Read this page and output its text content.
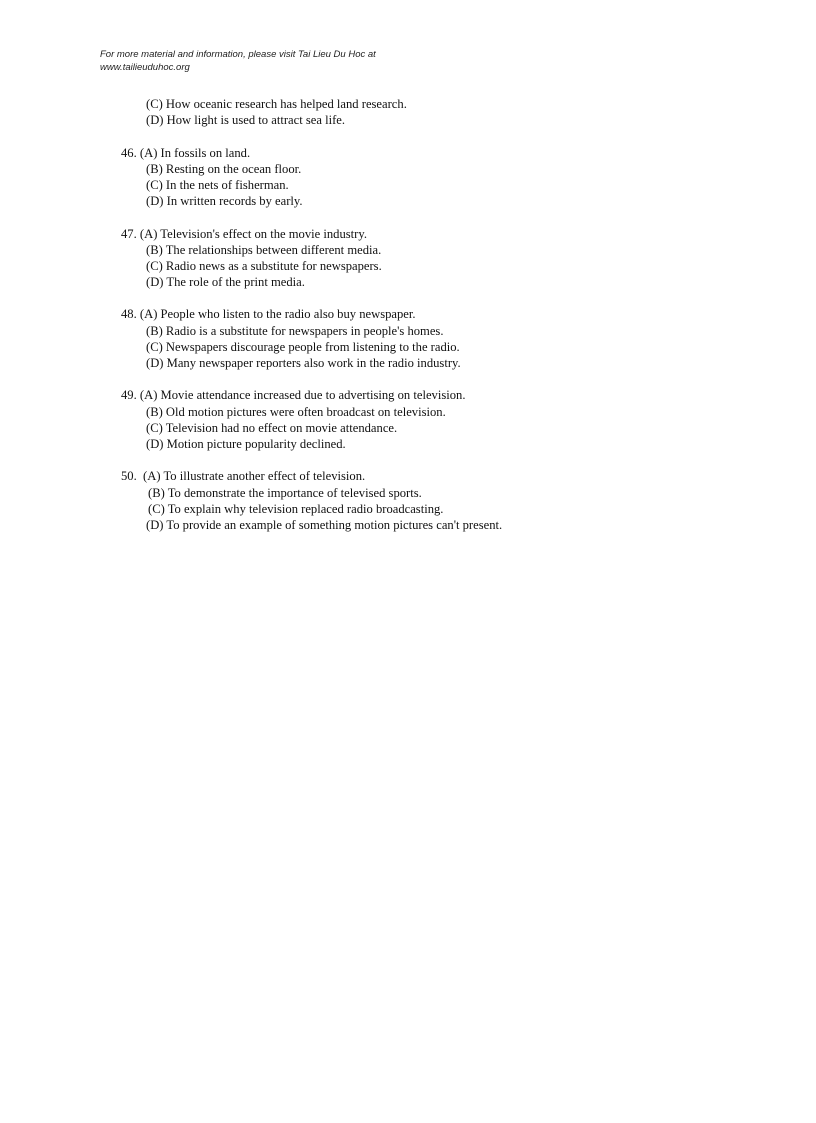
For more material and information, please visit Tai Lieu Du Hoc at
www.tailieuduhoc.org
(C) How oceanic research has helped land research.
(D) How light is used to attract sea life.
46. (A) In fossils on land.
(B) Resting on the ocean floor.
(C) In the nets of fisherman.
(D) In written records by early.
47. (A) Television's effect on the movie industry.
(B) The relationships between different media.
(C) Radio news as a substitute for newspapers.
(D) The role of the print media.
48. (A) People who listen to the radio also buy newspaper.
(B) Radio is a substitute for newspapers in people's homes.
(C) Newspapers discourage people from listening to the radio.
(D) Many newspaper reporters also work in the radio industry.
49. (A) Movie attendance increased due to advertising on television.
(B) Old motion pictures were often broadcast on television.
(C) Television had no effect on movie attendance.
(D) Motion picture popularity declined.
50. (A) To illustrate another effect of television.
(B) To demonstrate the importance of televised sports.
(C) To explain why television replaced radio broadcasting.
(D) To provide an example of something motion pictures can't present.
